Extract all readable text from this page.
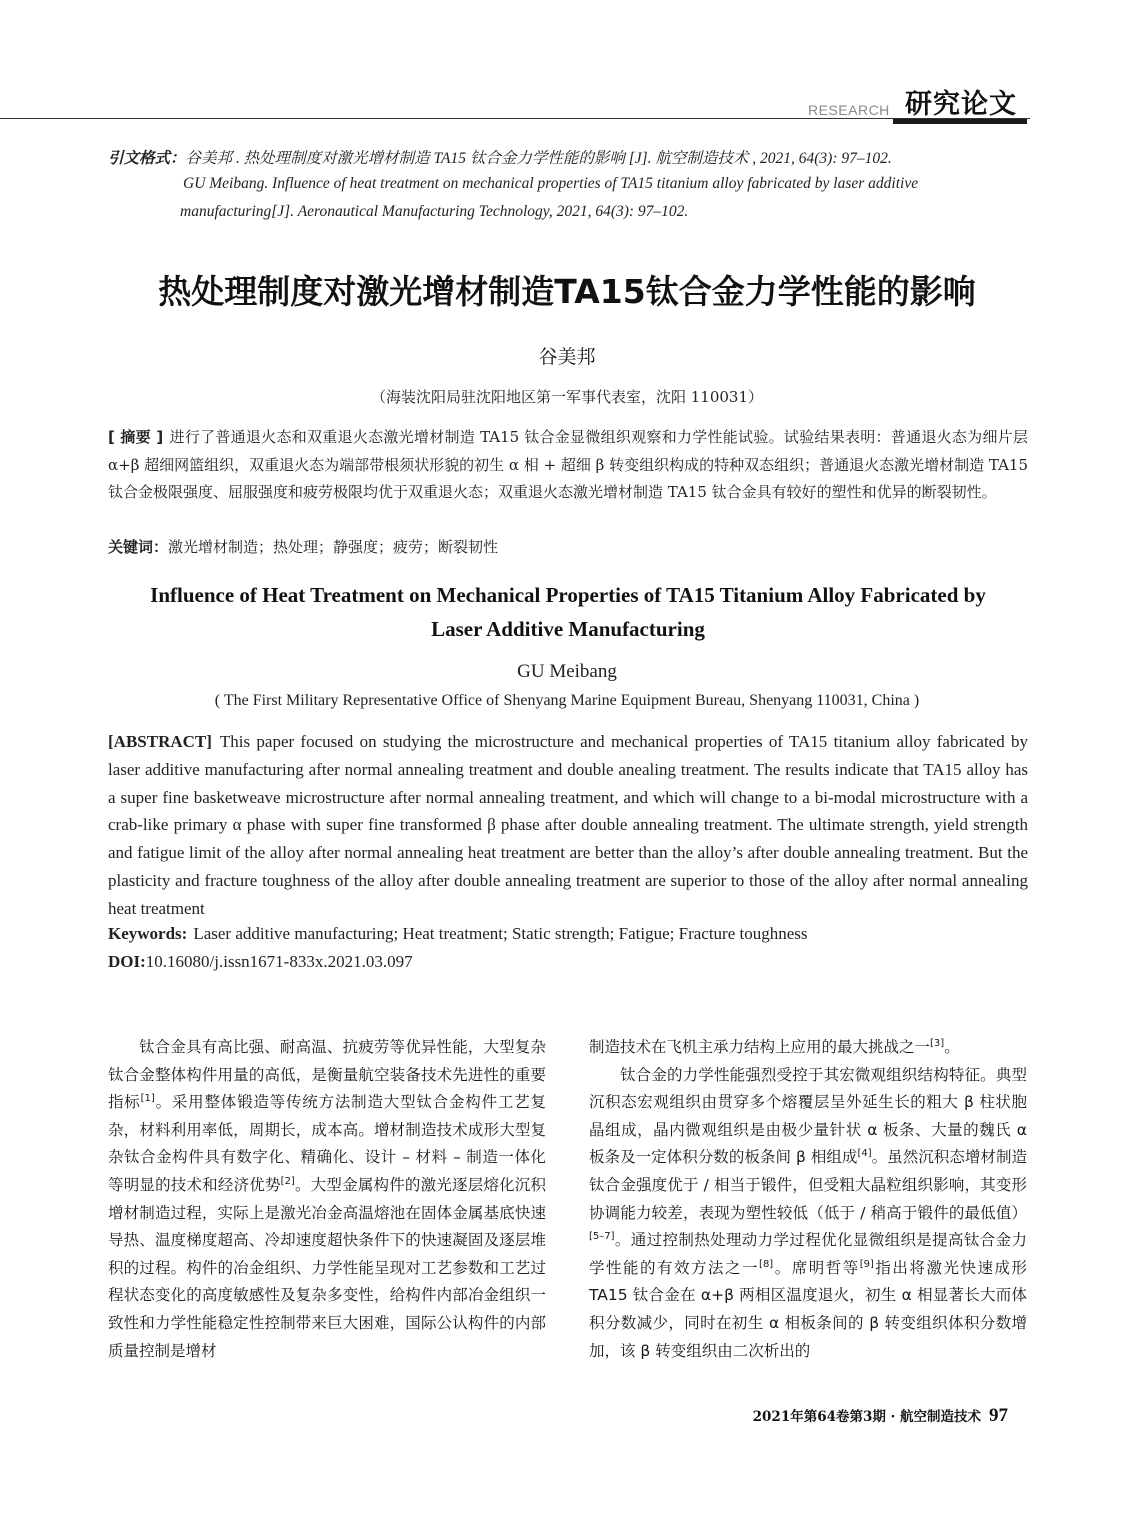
RESEARCH 研究论文
引文格式：谷美邦 . 热处理制度对激光增材制造 TA15 钛合金力学性能的影响 [J]. 航空制造技术 , 2021, 64(3): 97–102.
GU Meibang. Influence of heat treatment on mechanical properties of TA15 titanium alloy fabricated by laser additive
manufacturing[J]. Aeronautical Manufacturing Technology, 2021, 64(3): 97–102.
热处理制度对激光增材制造TA15钛合金力学性能的影响
谷美邦
（海装沈阳局驻沈阳地区第一军事代表室，沈阳 110031）
[ 摘要 ] 进行了普通退火态和双重退火态激光增材制造 TA15 钛合金显微组织观察和力学性能试验。试验结果表明：普通退火态为细片层 α+β 超细网篮组织，双重退火态为端部带根须状形貌的初生 α 相 + 超细 β 转变组织构成的特种双态组织；普通退火态激光增材制造 TA15 钛合金极限强度、屈服强度和疲劳极限均优于双重退火态；双重退火态激光增材制造 TA15 钛合金具有较好的塑性和优异的断裂韧性。
关键词：激光增材制造；热处理；静强度；疲劳；断裂韧性
Influence of Heat Treatment on Mechanical Properties of TA15 Titanium Alloy Fabricated by
Laser Additive Manufacturing
GU Meibang
( The First Military Representative Office of Shenyang Marine Equipment Bureau, Shenyang 110031, China )
[ABSTRACT] This paper focused on studying the microstructure and mechanical properties of TA15 titanium alloy fabricated by laser additive manufacturing after normal annealing treatment and double anealing treatment. The results indicate that TA15 alloy has a super fine basketweave microstructure after normal annealing treatment, and which will change to a bi-modal microstructure with a crab-like primary α phase with super fine transformed β phase after double annealing treatment. The ultimate strength, yield strength and fatigue limit of the alloy after normal annealing heat treatment are better than the alloy’s after double annealing treatment. But the plasticity and fracture toughness of the alloy after double annealing treatment are superior to those of the alloy after normal annealing heat treatment
Keywords: Laser additive manufacturing; Heat treatment; Static strength; Fatigue; Fracture toughness
DOI:10.16080/j.issn1671-833x.2021.03.097

钛合金具有高比强、耐高温、抗疲劳等优异性能，大型复杂钛合金整体构件用量的高低，是衡量航空装备技术先进性的重要指标[1]。采用整体锻造等传统方法制造大型钛合金构件工艺复杂，材料利用率低，周期长，成本高。增材制造技术成形大型复杂钛合金构件具有数字化、精确化、设计 – 材料 – 制造一体化等明显的技术和经济优势[2]。大型金属构件的激光逐层熔化沉积增材制造过程，实际上是激光冶金高温熔池在固体金属基底快速导热、温度梯度超高、冷却速度超快条件下的快速凝固及逐层堆积的过程。构件的冶金组织、力学性能呈现对工艺参数和工艺过程状态变化的高度敏感性及复杂多变性，给构件内部冶金组织一致性和力学性能稳定性控制带来巨大困难，国际公认构件的内部质量控制是增材

制造技术在飞机主承力结构上应用的最大挑战之一[3]。

钛合金的力学性能强烈受控于其宏微观组织结构特征。典型沉积态宏观组织由贯穿多个熔覆层呈外延生长的粗大 β 柱状胞晶组成，晶内微观组织是由极少量针状 α 板条、大量的魏氏 α 板条及一定体积分数的板条间 β 相组成[4]。虽然沉积态增材制造钛合金强度优于 / 相当于锻件，但受粗大晶粒组织影响，其变形协调能力较差，表现为塑性较低（低于 / 稍高于锻件的最低值）[5–7]。通过控制热处理动力学过程优化显微组织是提高钛合金力学性能的有效方法之一[8]。席明哲等[9]指出将激光快速成形 TA15 钛合金在 α+β 两相区温度退火，初生 α 相显著长大而体积分数减少，同时在初生 α 相板条间的 β 转变组织体积分数增加，该 β 转变组织由二次析出的

2021年第64卷第3期 · 航空制造技术 97
